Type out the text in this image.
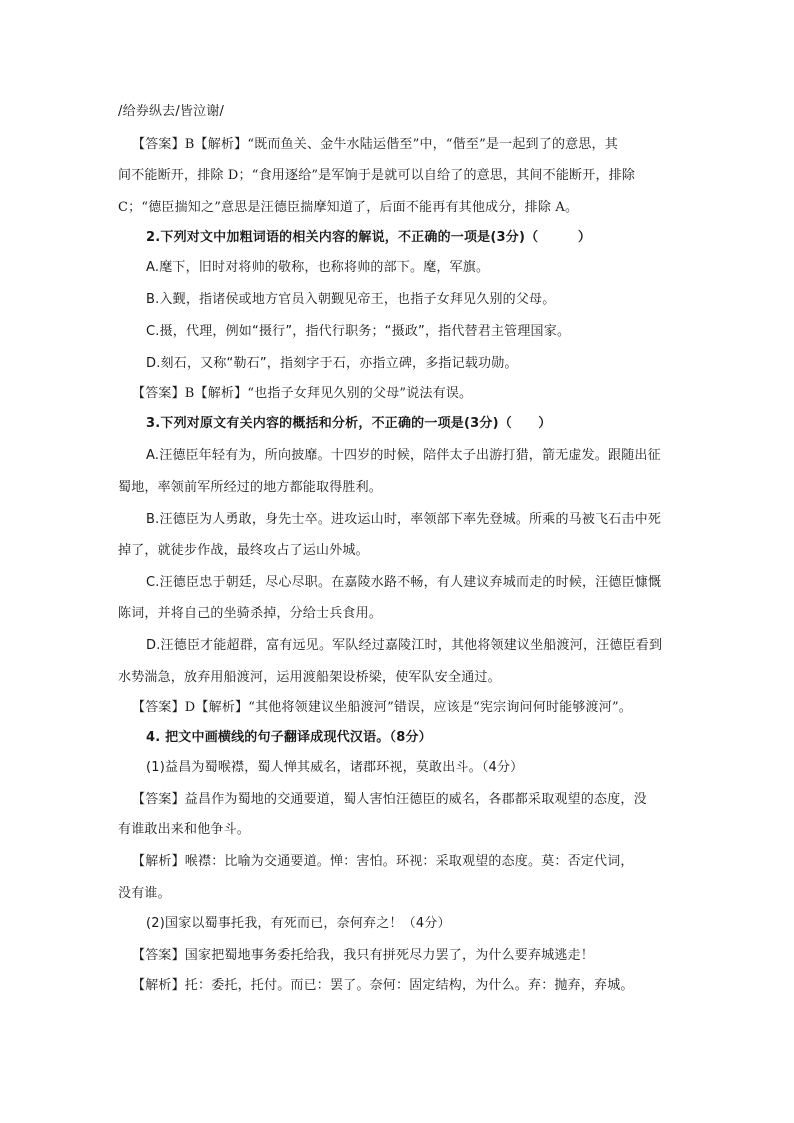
/给券纵去/皆泣谢/
【答案】B【解析】“既而鱼关、金牛水陆运偕至”中，“偕至”是一起到了的意思，其
间不能断开，排除 D；“食用逐给”是军饷于是就可以自给了的意思，其间不能断开，排除
C；“德臣揣知之”意思是汪德臣揣摩知道了，后面不能再有其他成分，排除 A。
2.下列对文中加粗词语的相关内容的解说，不正确的一项是(3分)（　　　）
A.麾下，旧时对将帅的敬称，也称将帅的部下。麾，军旗。
B.入觐，指诸侯或地方官员入朝觐见帝王，也指子女拜见久别的父母。
C.摄，代理，例如“摄行”，指代行职务；“摄政”，指代替君主管理国家。
D.刻石，又称“勒石”，指刻字于石，亦指立碑，多指记载功勋。
【答案】B【解析】“也指子女拜见久别的父母”说法有误。
3.下列对原文有关内容的概括和分析，不正确的一项是(3分)（　　）
A.汪德臣年轻有为，所向披靡。十四岁的时候，陪伴太子出游打猎，箭无虚发。跟随出征
蜀地，率领前军所经过的地方都能取得胜利。
B.汪德臣为人勇敢，身先士卒。进攻运山时，率领部下率先登城。所乘的马被飞石击中死
掉了，就徒步作战，最终攻占了运山外城。
C.汪德臣忠于朝廷，尽心尽职。在嘉陵水路不畅，有人建议弃城而走的时候，汪德臣慷慨
陈词，并将自己的坐骑杀掉，分给士兵食用。
D.汪德臣才能超群，富有远见。军队经过嘉陵江时，其他将领建议坐船渡河，汪德臣看到
水势湍急，放弃用船渡河，运用渡船架设桥梁，使军队安全通过。
【答案】D【解析】“其他将领建议坐船渡河”错误，应该是“宪宗询问何时能够渡河”。
4. 把文中画横线的句子翻译成现代汉语。（8分）
(1)益昌为蜀喉襟，蜀人惮其威名，诸郡环视，莫敢出斗。（4分）
【答案】益昌作为蜀地的交通要道，蜀人害怕汪德臣的威名，各郡都采取观望的态度，没
有谁敢出来和他争斗。
【解析】喉襟：比喻为交通要道。惮：害怕。环视：采取观望的态度。莫：否定代词，
没有谁。
(2)国家以蜀事托我，有死而已，奈何弃之！（4分）
【答案】国家把蜀地事务委托给我，我只有拼死尽力罢了，为什么要弃城逃走！
【解析】托：委托，托付。而已：罢了。奈何：固定结构，为什么。弃：抛弃，弃城。
